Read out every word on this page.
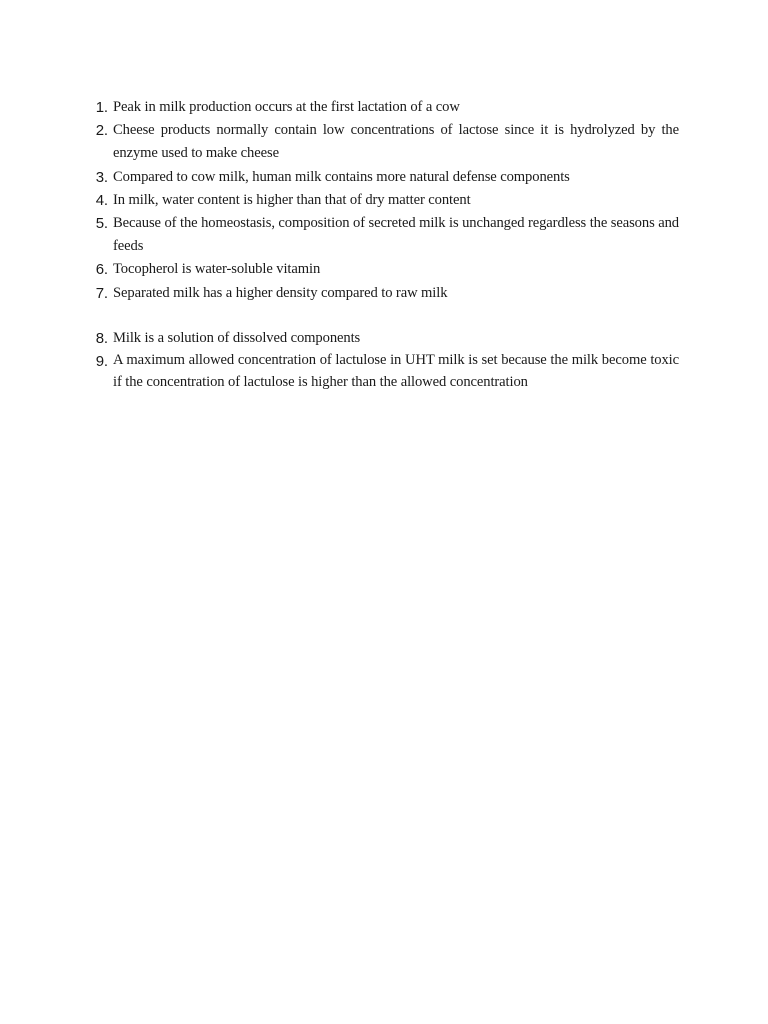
1. Peak in milk production occurs at the first lactation of a cow
2. Cheese products normally contain low concentrations of lactose since it is hydrolyzed by the enzyme used to make cheese
3. Compared to cow milk, human milk contains more natural defense components
4. In milk, water content is higher than that of dry matter content
5. Because of the homeostasis, composition of secreted milk is unchanged regardless the seasons and feeds
6. Tocopherol is water-soluble vitamin
7. Separated milk has a higher density compared to raw milk
8. Milk is a solution of dissolved components
9. A maximum allowed concentration of lactulose in UHT milk is set because the milk become toxic if the concentration of lactulose is higher than the allowed concentration
